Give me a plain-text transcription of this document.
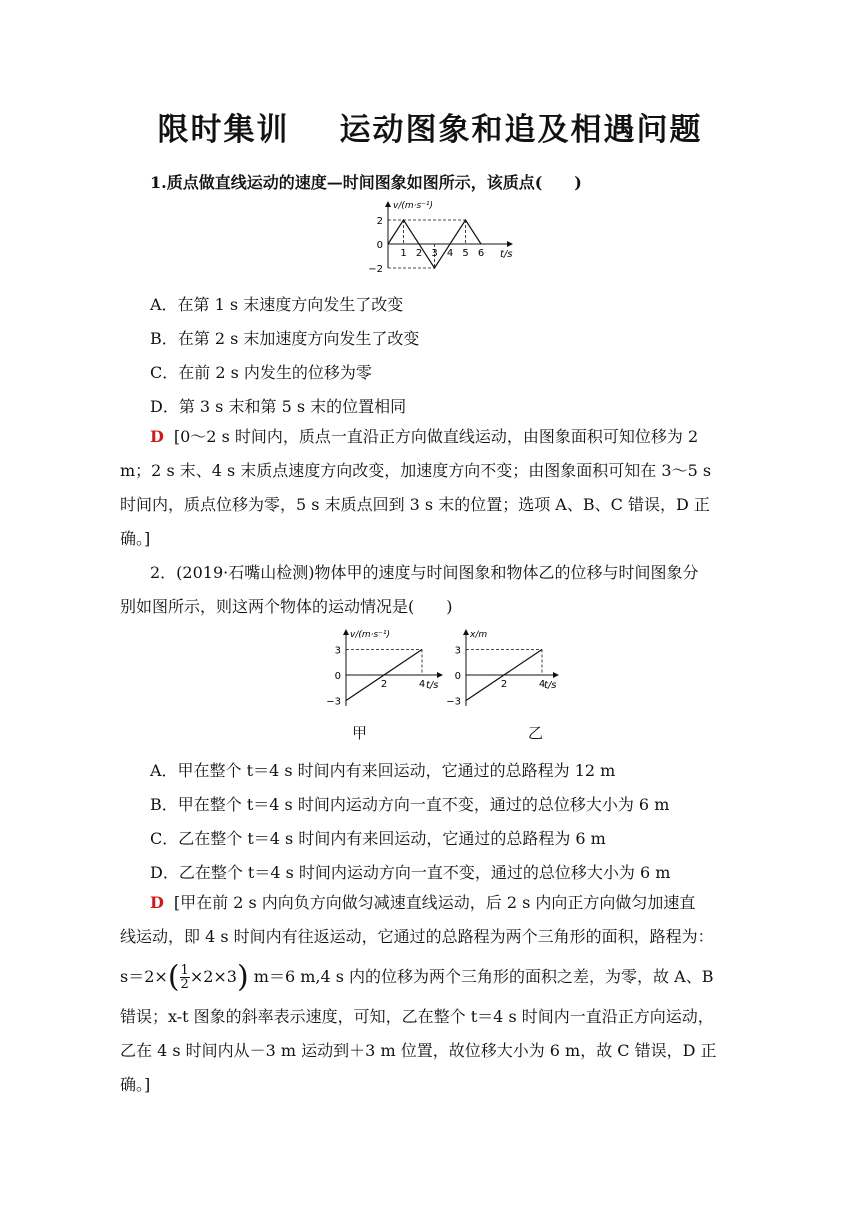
限时集训 运动图象和追及相遇问题
1.质点做直线运动的速度—时间图象如图所示，该质点(　　)
v/(m·s⁻¹)
t/s
2
0
−2
1 2 3 4 5 6
A．在第 1 s 末速度方向发生了改变
B．在第 2 s 末加速度方向发生了改变
C．在前 2 s 内发生的位移为零
D．第 3 s 末和第 5 s 末的位置相同
D [0～2 s 时间内，质点一直沿正方向做直线运动，由图象面积可知位移为 2
m；2 s 末、4 s 末质点速度方向改变，加速度方向不变；由图象面积可知在 3～5 s
时间内，质点位移为零，5 s 末质点回到 3 s 末的位置；选项 A、B、C 错误，D 正
确。]
2．(2019·石嘴山检测)物体甲的速度与时间图象和物体乙的位移与时间图象分
别如图所示，则这两个物体的运动情况是(　　)
v/(m·s⁻¹)
t/s
3
0
−3
2	4
x/m
t/s
3
0
−3
2	4
甲	乙
A．甲在整个 t＝4 s 时间内有来回运动，它通过的总路程为 12 m
B．甲在整个 t＝4 s 时间内运动方向一直不变，通过的总位移大小为 6 m
C．乙在整个 t＝4 s 时间内有来回运动，它通过的总路程为 6 m
D．乙在整个 t＝4 s 时间内运动方向一直不变，通过的总位移大小为 6 m
D [甲在前 2 s 内向负方向做匀减速直线运动，后 2 s 内向正方向做匀加速直
线运动，即 4 s 时间内有往返运动，它通过的总路程为两个三角形的面积，路程为：
$s=2\times( \frac{1}{2} \times 2\times 3)$ m＝6 m,4 s 内的位移为两个三角形的面积之差，为零，故 A、B
错误；x-t 图象的斜率表示速度，可知，乙在整个 t＝4 s 时间内一直沿正方向运动，
乙在 4 s 时间内从－3 m 运动到＋3 m 位置，故位移大小为 6 m，故 C 错误，D 正
确。]
